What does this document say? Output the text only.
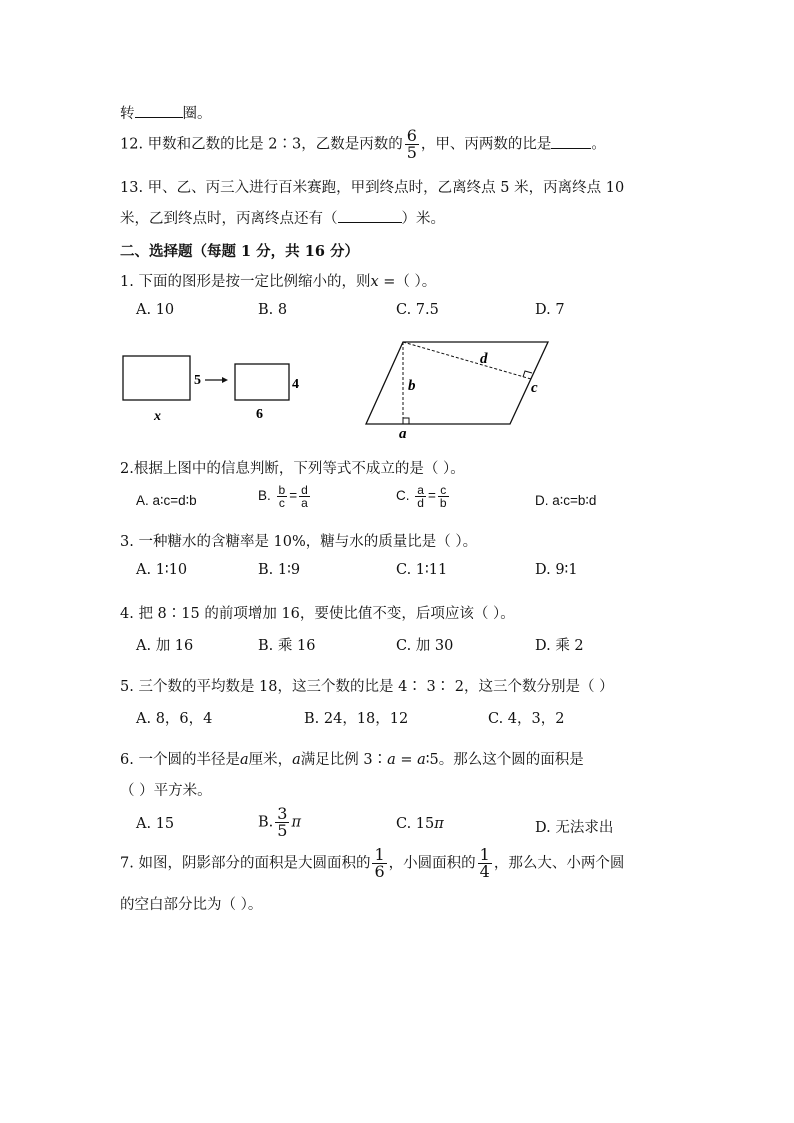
转	圈。
12. 甲数和乙数的比是 2∶3，乙数是丙数的 $\frac{6}{5}$ ，甲、丙两数的比是	。
13. 甲、乙、丙三入进行百米赛跑，甲到终点时，乙离终点 5 米，丙离终点 10
米，乙到终点时，丙离终点还有（	）米。
二、选择题（每题 1 分，共 16 分）
1. 下面的图形是按一定比例缩小的，则x =（ ）。
A. 10	B. 8	C. 7.5	D. 7
5
x
4
6
b
d
c
a
2.根据上图中的信息判断，下列等式不成立的是（ ）。
A. a∶c=d∶b	B. $\frac{b}{c} = \frac{d}{a}$	C. $\frac{a}{d} = \frac{c}{b}$	D. a∶c=b∶d
3. 一种糖水的含糖率是 10%，糖与水的质量比是（ ）。
A. 1∶10	B. 1∶9	C. 1∶11	D. 9∶1
4. 把 8∶15 的前项增加 16，要使比值不变，后项应该（ ）。
A. 加 16	B. 乘 16	C. 加 30	D. 乘 2
5. 三个数的平均数是 18，这三个数的比是 4∶ 3∶ 2，这三个数分别是（ ）
A. 8，6，4	B. 24，18，12	C. 4，3，2
6. 一个圆的半径是a厘米，a满足比例 3∶a = a∶5。那么这个圆的面积是
（ ）平方米。
A. 15	B. $\frac{3}{5}$ π	C. 15π	D. 无法求出
7. 如图，阴影部分的面积是大圆面积的 $\frac{1}{6}$ ，小圆面积的 $\frac{1}{4}$ ，那么大、小两个圆
的空白部分比为（ ）。
